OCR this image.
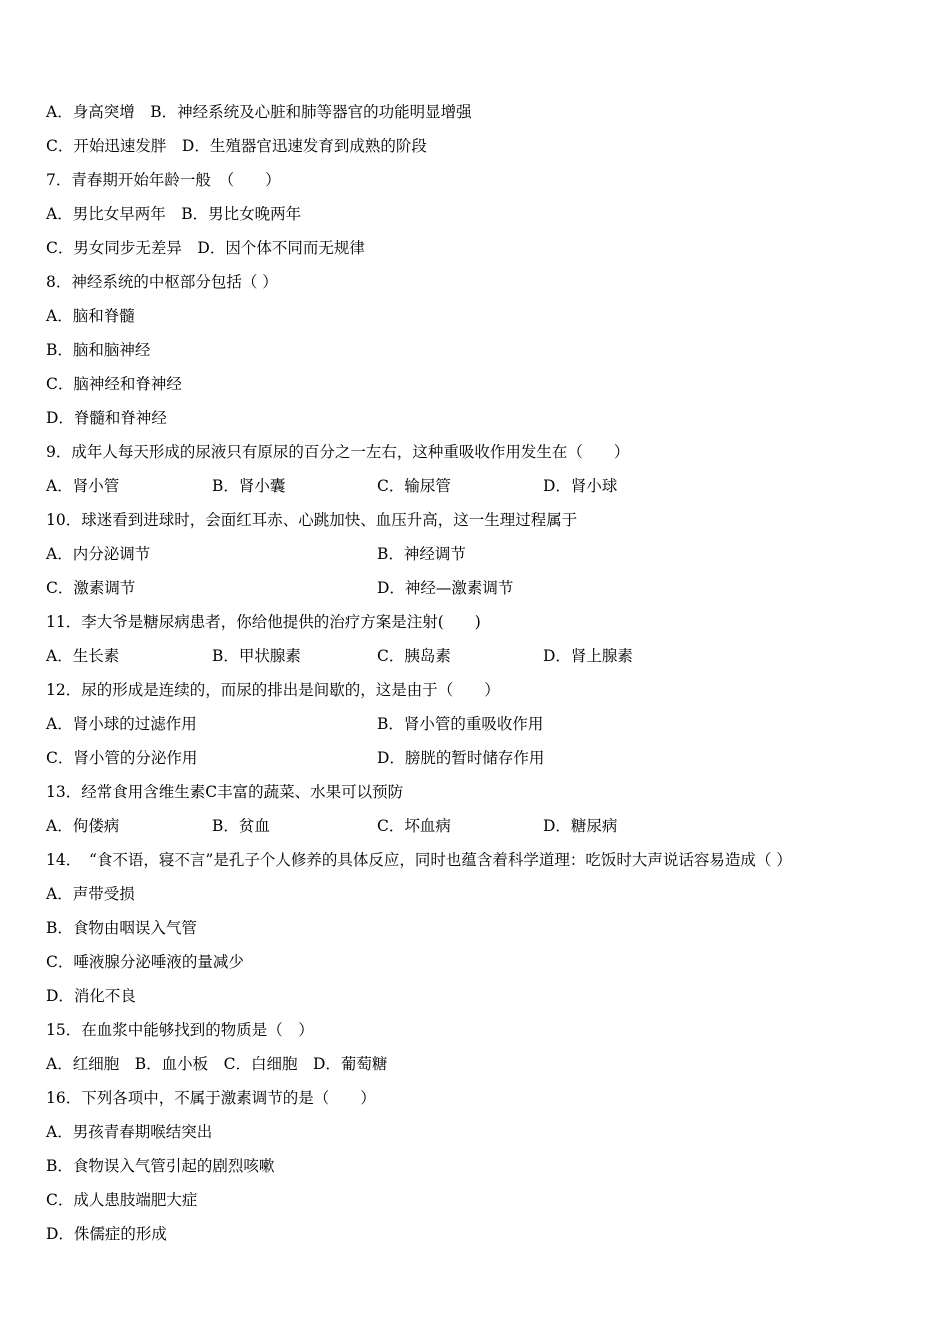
A．身高突增　 B．神经系统及心脏和肺等器官的功能明显增强
C．开始迅速发胖　 D．生殖器官迅速发育到成熟的阶段
7．青春期开始年龄一般　（　　）
A．男比女早两年　 B．男比女晚两年
C．男女同步无差异　 D．因个体不同而无规律
8．神经系统的中枢部分包括（ ）
A．脑和脊髓
B．脑和脑神经
C．脑神经和脊神经
D．脊髓和脊神经
9．成年人每天形成的尿液只有原尿的百分之一左右，这种重吸收作用发生在（　　）
A．肾小管	B．肾小囊	C．输尿管	D．肾小球
10．球迷看到进球时，会面红耳赤、心跳加快、血压升高，这一生理过程属于
A．内分泌调节	B．神经调节
C．激素调节	D．神经—激素调节
11．李大爷是糖尿病患者，你给他提供的治疗方案是注射(　　)
A．生长素	B．甲状腺素	C．胰岛素	D．肾上腺素
12．尿的形成是连续的，而尿的排出是间歇的，这是由于（　　）
A．肾小球的过滤作用	B．肾小管的重吸收作用
C．肾小管的分泌作用	D．膀胱的暂时储存作用
13．经常食用含维生素C丰富的蔬菜、水果可以预防
A．佝偻病	B．贫血	C．坏血病	D．糖尿病
14．　“食不语，寝不言”是孔子个人修养的具体反应，同时也蕴含着科学道理：吃饭时大声说话容易造成（ ）
A．声带受损
B．食物由咽误入气管
C．唾液腺分泌唾液的量减少
D．消化不良
15．在血浆中能够找到的物质是（　）
A．红细胞　B．血小板　C．白细胞　D．葡萄糖
16．下列各项中，不属于激素调节的是（　　）
A．男孩青春期喉结突出
B．食物误入气管引起的剧烈咳嗽
C．成人患肢端肥大症
D．侏儒症的形成
